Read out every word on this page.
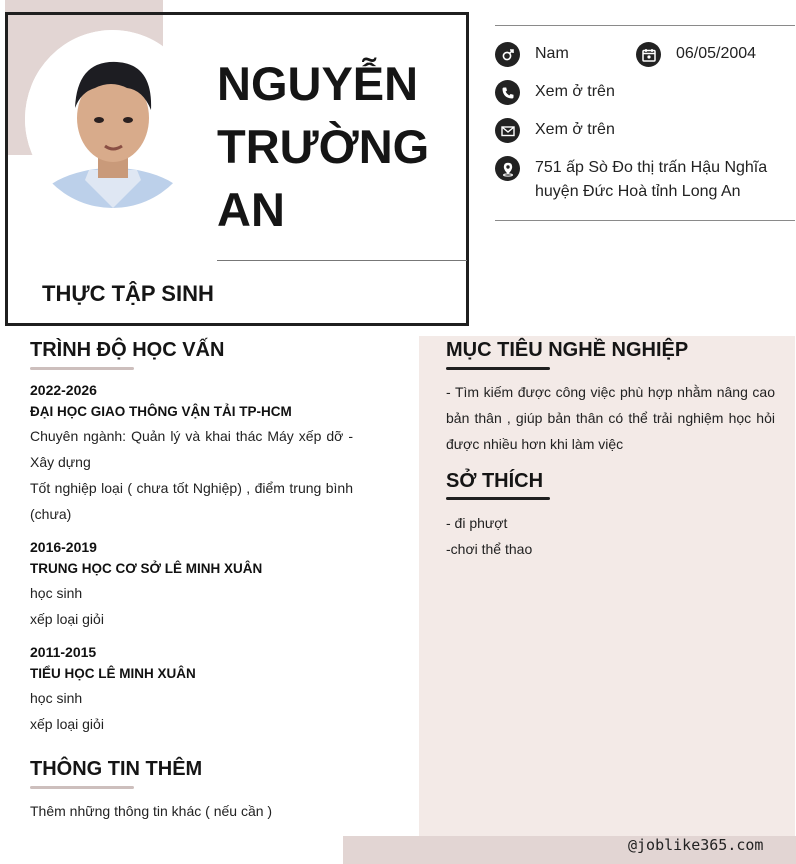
NGUYỄN
TRƯỜNG
AN
THỰC TẬP SINH
Nam	06/05/2004
Xem ở trên
Xem ở trên
751 ấp Sò Đo thị trấn Hậu Nghĩa
huyện Đức Hoà tỉnh Long An
@joblike365.com
TRÌNH ĐỘ HỌC VẤN
2022-2026
ĐẠI HỌC GIAO THÔNG VẬN TẢI TP-HCM
Chuyên ngành: Quản lý và khai thác Máy xếp dỡ - Xây dựng
Tốt nghiệp loại ( chưa tốt Nghiệp) , điểm trung bình (chưa)
2016-2019
TRUNG HỌC CƠ SỞ LÊ MINH XUÂN
học sinh
xếp loại giỏi
2011-2015
TIỂU HỌC LÊ MINH XUÂN
học sinh
xếp loại giỏi
THÔNG TIN THÊM
Thêm những thông tin khác ( nếu cần )
MỤC TIÊU NGHỀ NGHIỆP
- Tìm kiếm được công việc phù hợp nhằm nâng cao bản thân , giúp bản thân có thể trải nghiệm học hỏi được nhiều hơn khi làm việc
SỞ THÍCH
- đi phượt
-chơi thể thao
